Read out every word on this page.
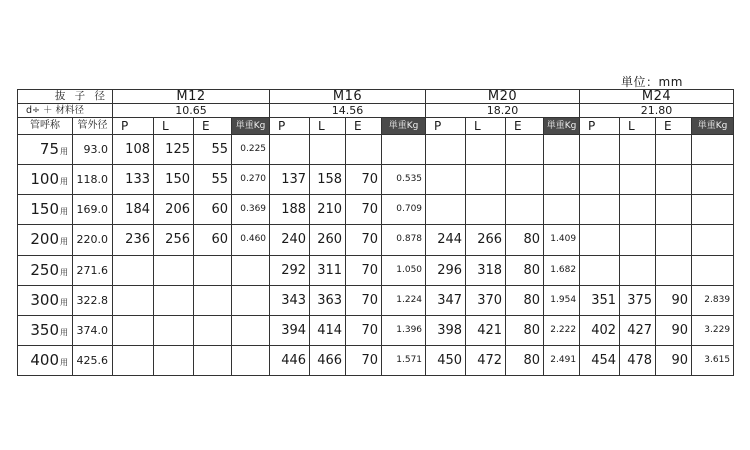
単位：mm
抜 子 径		M12				M16				M20				M24			
d÷ ＋ 材料径		10.65				14.56				18.20				21.80			
管呼称	管外径	P	L	E	単重Kg	P	L	E	単重Kg	P	L	E	単重Kg	P	L	E	単重Kg
75用	93.0	108	125	55	0.225												
100用	118.0	133	150	55	0.270	137	158	70	0.535								
150用	169.0	184	206	60	0.369	188	210	70	0.709								
200用	220.0	236	256	60	0.460	240	260	70	0.878	244	266	80	1.409				
250用	271.6					292	311	70	1.050	296	318	80	1.682				
300用	322.8					343	363	70	1.224	347	370	80	1.954	351	375	90	2.839
350用	374.0					394	414	70	1.396	398	421	80	2.222	402	427	90	3.229
400用	425.6					446	466	70	1.571	450	472	80	2.491	454	478	90	3.615
